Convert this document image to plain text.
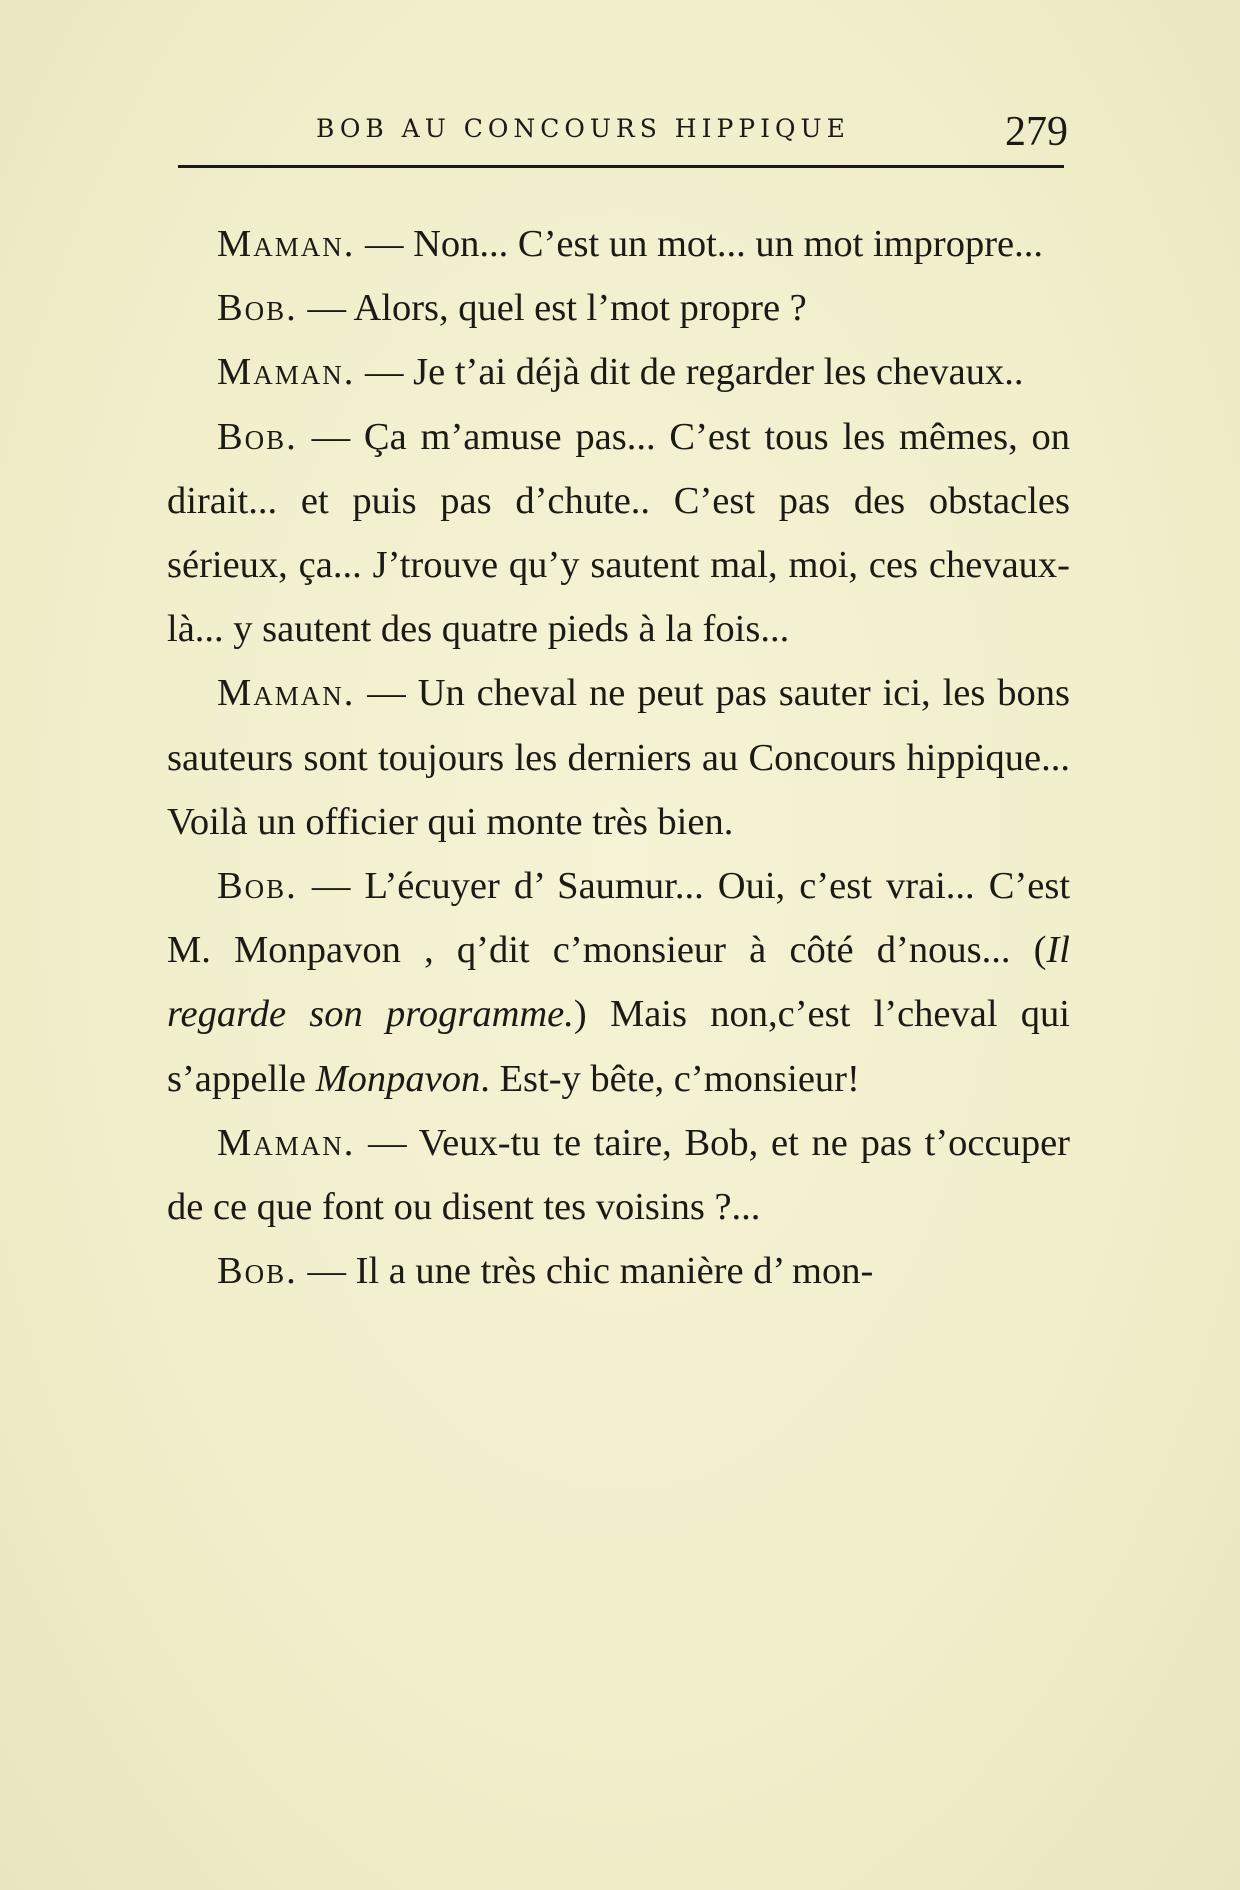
BOB AU CONCOURS HIPPIQUE	279

Maman. — Non... C’est un mot... un mot impropre...

Bob. — Alors, quel est l’mot propre ?

Maman. — Je t’ai déjà dit de regarder les chevaux..

Bob. — Ça m’amuse pas... C’est tous les mêmes, on dirait... et puis pas d’chute.. C’est pas des obstacles sérieux, ça... J’trouve qu’y sautent mal, moi, ces chevaux-là... y sautent des quatre pieds à la fois...

Maman. — Un cheval ne peut pas sauter ici, les bons sauteurs sont toujours les derniers au Concours hippique... Voilà un officier qui monte très bien.

Bob. — L’écuyer d’ Saumur... Oui, c’est vrai... C’est M. Monpavon , q’dit c’monsieur à côté d’nous... (Il regarde son programme.) Mais non,c’est l’cheval qui s’appelle Monpavon. Est-y bête, c’monsieur!

Maman. — Veux-tu te taire, Bob, et ne pas t’occuper de ce que font ou disent tes voisins ?...

Bob. — Il a une très chic manière d’ mon-
